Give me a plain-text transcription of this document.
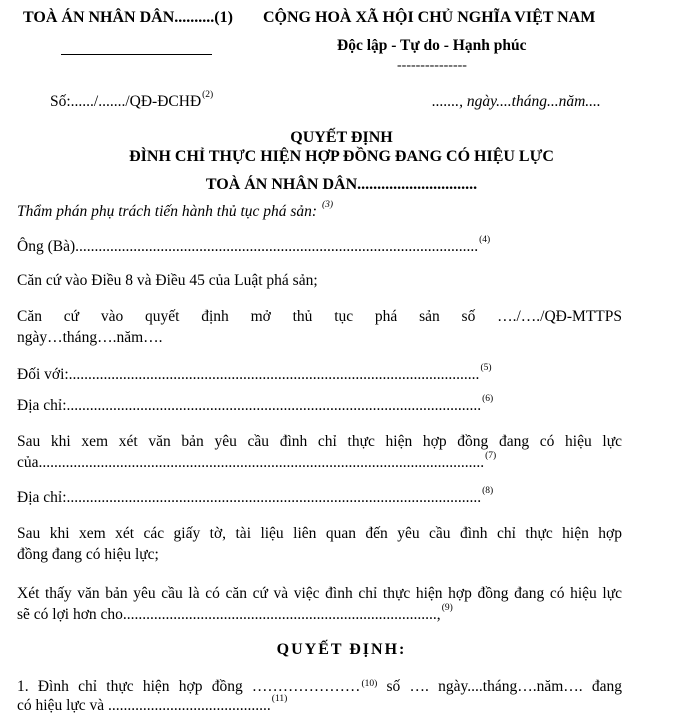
TOÀ ÁN NHÂN DÂN..........(1) CỘNG HOÀ XÃ HỘI CHỦ NGHĨA VIỆT NAM
Độc lập - Tự do - Hạnh phúc
---------------
Số:....../......./QĐ-ĐCHĐ$^{(2)}$	......., ngày....tháng...năm....
QUYẾT ĐỊNH
ĐÌNH CHỈ THỰC HIỆN HỢP ĐỒNG ĐANG CÓ HIỆU LỰC
TOÀ ÁN NHÂN DÂN..............................
Thẩm phán phụ trách tiến hành thủ tục phá sản: $^{(3)}$
Ông (Bà)........................................................................................................$^{(4)}$
Căn cứ vào Điều 8 và Điều 45 của Luật phá sản;
Căn cứ vào quyết định mở thủ tục phá sản số …./…./QĐ-MTTPS
ngày…tháng….năm….
Đối với:..........................................................................................................$^{(5)}$
Địa chỉ:...........................................................................................................$^{(6)}$
Sau khi xem xét văn bản yêu cầu đình chỉ thực hiện hợp đồng đang có hiệu lực
của...................................................................................................................$^{(7)}$
Địa chỉ:...........................................................................................................$^{(8)}$
Sau khi xem xét các giấy tờ, tài liệu liên quan đến yêu cầu đình chỉ thực hiện hợp
đồng đang có hiệu lực;
Xét thấy văn bản yêu cầu là có căn cứ và việc đình chỉ thực hiện hợp đồng đang có hiệu lực
sẽ có lợi hơn cho.................................................................................,$^{(9)}$
QUYẾT ĐỊNH:
1. Đình chỉ thực hiện hợp đồng …………………$^{(10)}$ số …. ngày....tháng….năm…. đang
có hiệu lực và ..........................................$^{(11)}$
